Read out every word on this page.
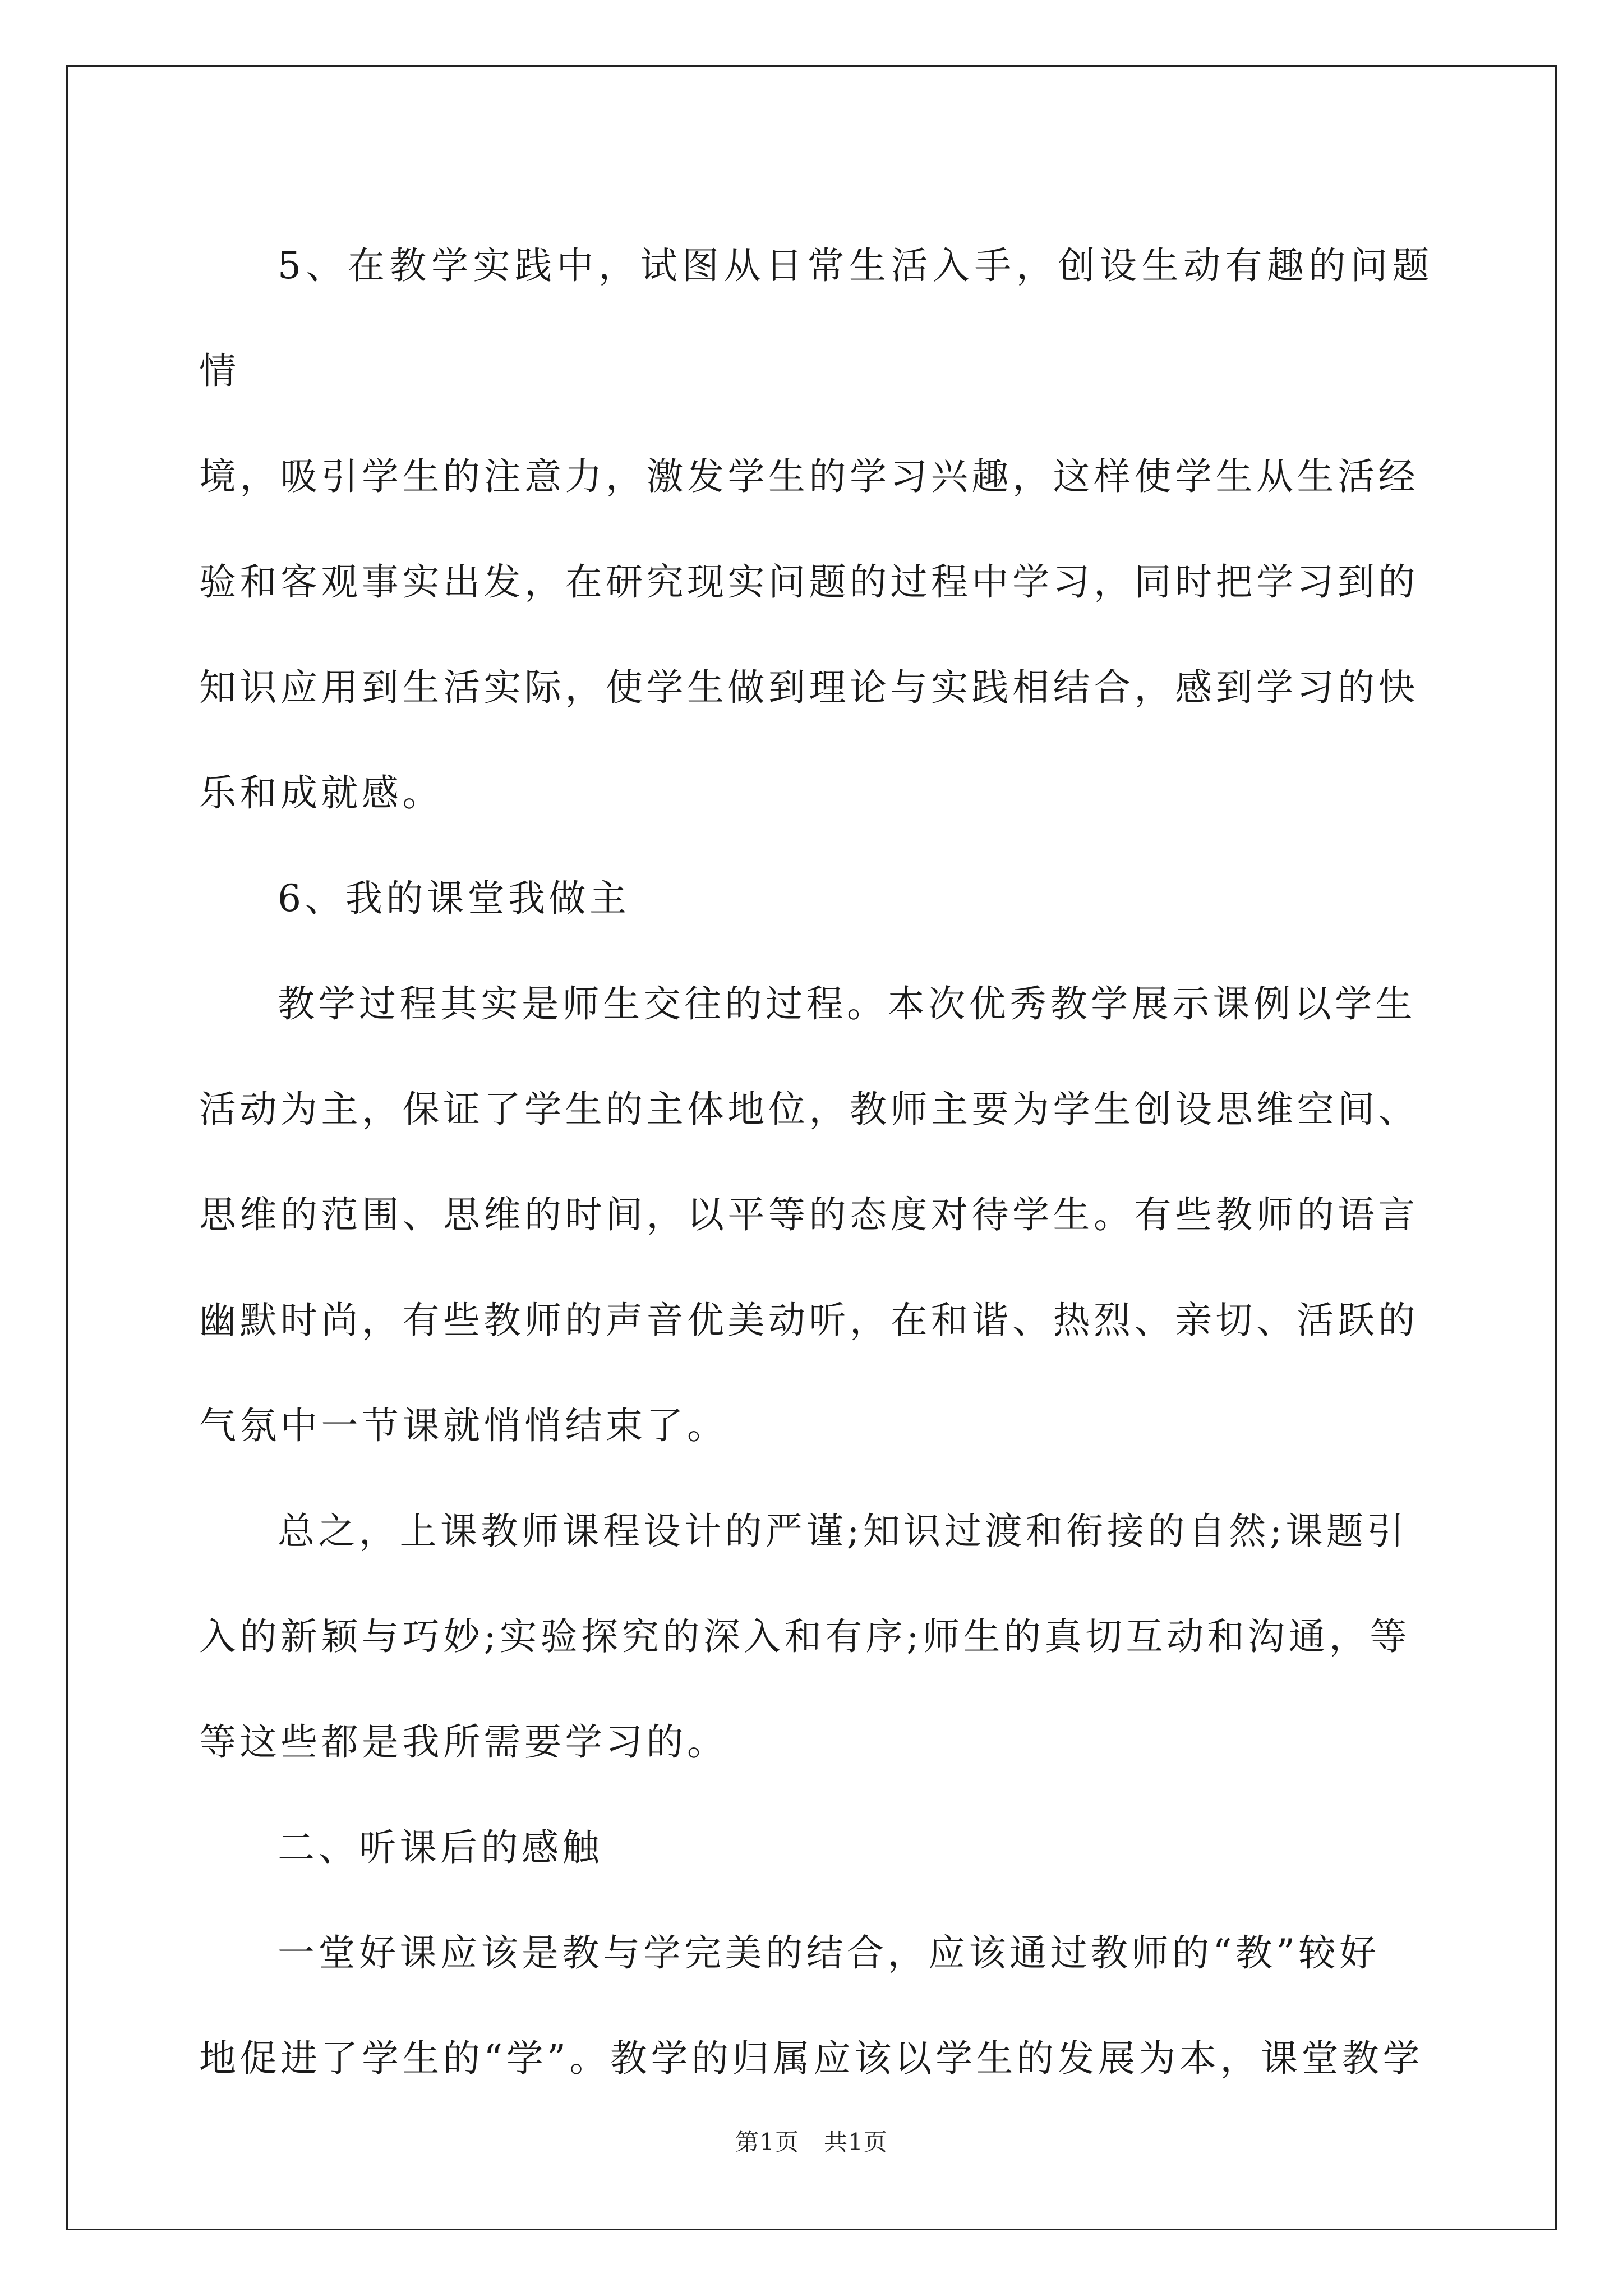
5、在教学实践中，试图从日常生活入手，创设生动有趣的问题情
境，吸引学生的注意力，激发学生的学习兴趣，这样使学生从生活经
验和客观事实出发，在研究现实问题的过程中学习，同时把学习到的
知识应用到生活实际，使学生做到理论与实践相结合，感到学习的快
乐和成就感。

6、我的课堂我做主

教学过程其实是师生交往的过程。本次优秀教学展示课例以学生
活动为主，保证了学生的主体地位，教师主要为学生创设思维空间、
思维的范围、思维的时间，以平等的态度对待学生。有些教师的语言
幽默时尚，有些教师的声音优美动听，在和谐、热烈、亲切、活跃的
气氛中一节课就悄悄结束了。

总之，上课教师课程设计的严谨;知识过渡和衔接的自然;课题引
入的新颖与巧妙;实验探究的深入和有序;师生的真切互动和沟通，等
等这些都是我所需要学习的。

二、听课后的感触

一堂好课应该是教与学完美的结合，应该通过教师的“教”较好
地促进了学生的“学”。教学的归属应该以学生的发展为本，课堂教学

第1页 共1页
